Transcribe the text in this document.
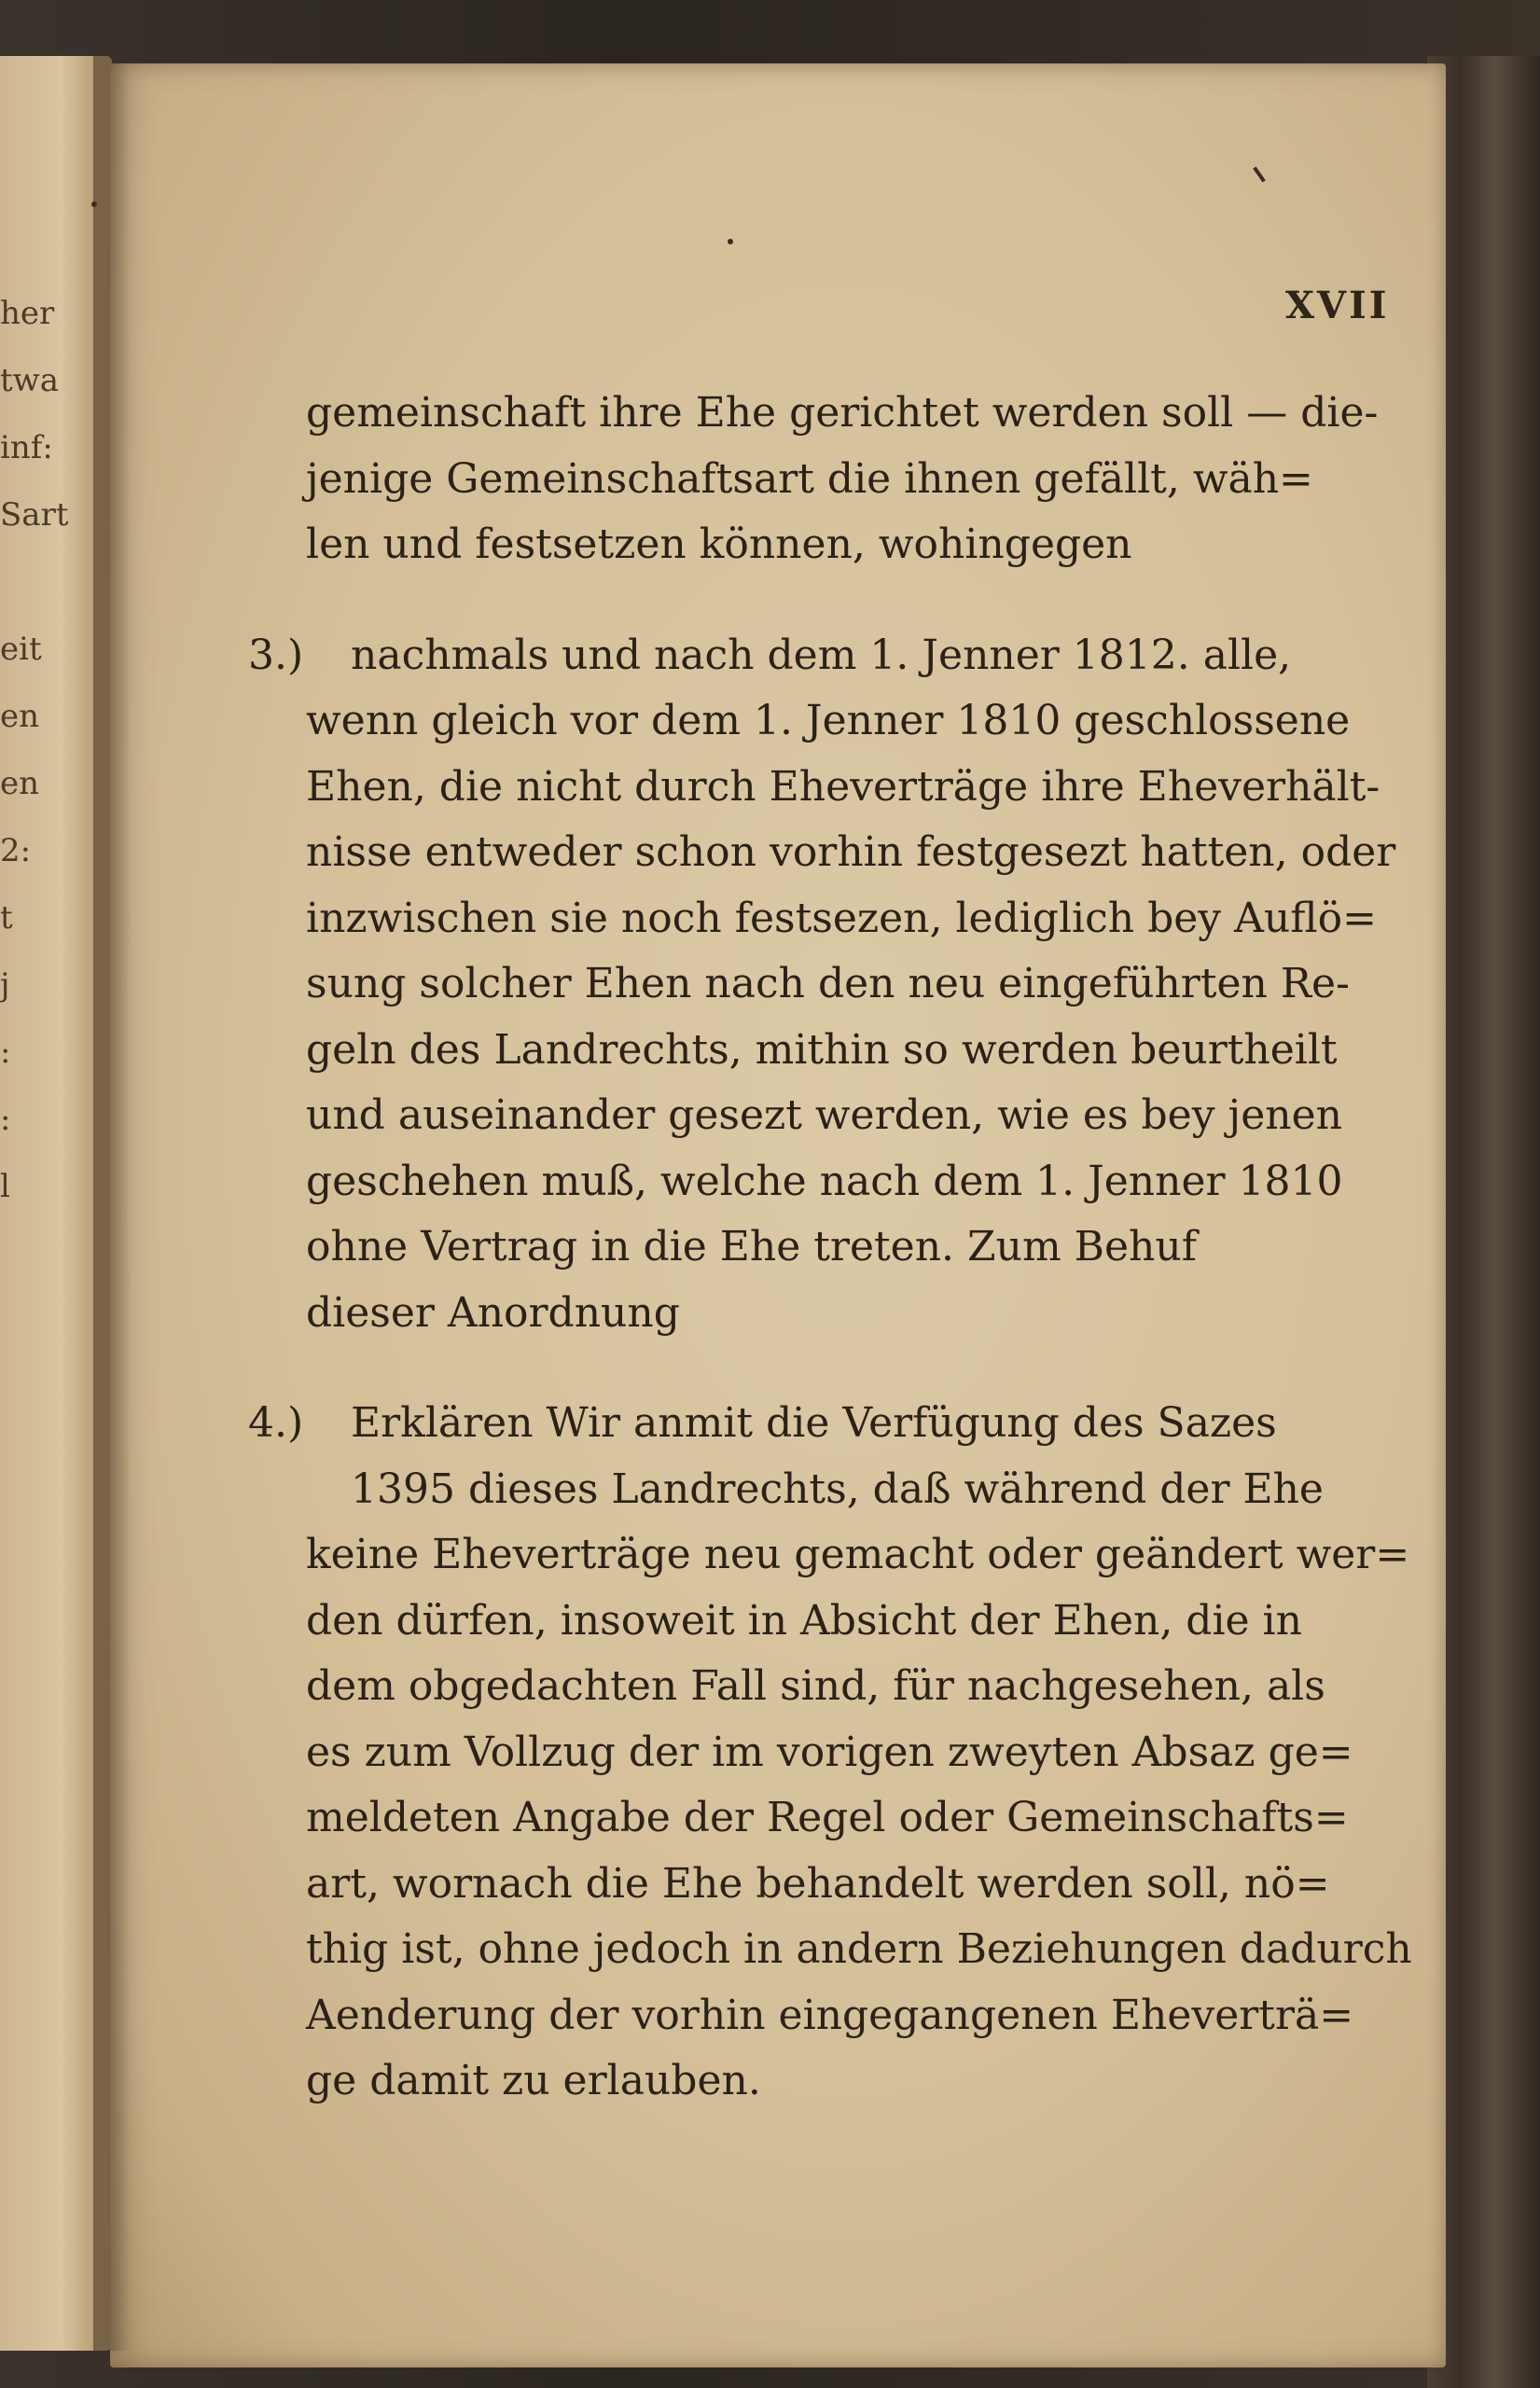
her
twa
inf:
Sart
eit
en
en
2:
t
j
:
:
l
XVII
gemeinschaft ihre Ehe gerichtet werden soll — die-
jenige Gemeinschaftsart die ihnen gefällt, wäh=
len und festsetzen können, wohingegen
3.)	nachmals und nach dem 1. Jenner 1812. alle,
wenn gleich vor dem 1. Jenner 1810 geschlossene
Ehen, die nicht durch Eheverträge ihre Eheverhält-
nisse entweder schon vorhin festgesezt hatten, oder
inzwischen sie noch festsezen, lediglich bey Auflö=
sung solcher Ehen nach den neu eingeführten Re-
geln des Landrechts, mithin so werden beurtheilt
und auseinander gesezt werden, wie es bey jenen
geschehen muß, welche nach dem 1. Jenner 1810
ohne Vertrag in die Ehe treten. Zum Behuf
dieser Anordnung
4.)	Erklären Wir anmit die Verfügung des Sazes
1395 dieses Landrechts, daß während der Ehe
keine Eheverträge neu gemacht oder geändert wer=
den dürfen, insoweit in Absicht der Ehen, die in
dem obgedachten Fall sind, für nachgesehen, als
es zum Vollzug der im vorigen zweyten Absaz ge=
meldeten Angabe der Regel oder Gemeinschafts=
art, wornach die Ehe behandelt werden soll, nö=
thig ist, ohne jedoch in andern Beziehungen dadurch
Aenderung der vorhin eingegangenen Eheverträ=
ge damit zu erlauben.
